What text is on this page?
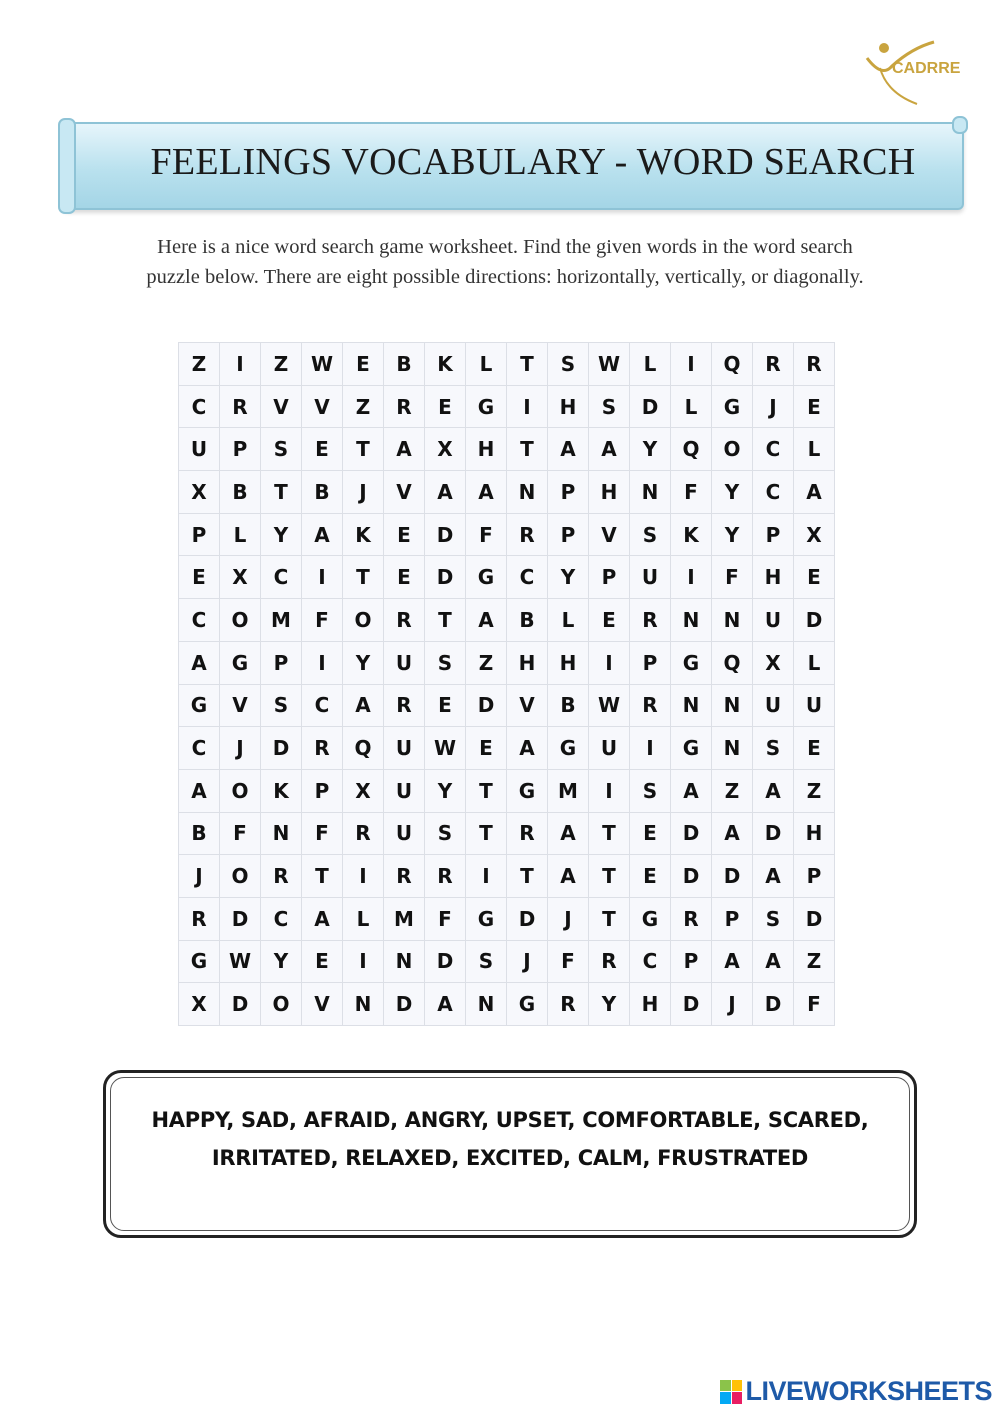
CADRRE
FEELINGS VOCABULARY - WORD SEARCH
Here is a nice word search game worksheet. Find the given words in the word search
puzzle below. There are eight possible directions: horizontally, vertically, or diagonally.
Z	I	Z	W	E	B	K	L	T	S	W	L	I	Q	R	R
C	R	V	V	Z	R	E	G	I	H	S	D	L	G	J	E
U	P	S	E	T	A	X	H	T	A	A	Y	Q	O	C	L
X	B	T	B	J	V	A	A	N	P	H	N	F	Y	C	A
P	L	Y	A	K	E	D	F	R	P	V	S	K	Y	P	X
E	X	C	I	T	E	D	G	C	Y	P	U	I	F	H	E
C	O	M	F	O	R	T	A	B	L	E	R	N	N	U	D
A	G	P	I	Y	U	S	Z	H	H	I	P	G	Q	X	L
G	V	S	C	A	R	E	D	V	B	W	R	N	N	U	U
C	J	D	R	Q	U	W	E	A	G	U	I	G	N	S	E
A	O	K	P	X	U	Y	T	G	M	I	S	A	Z	A	Z
B	F	N	F	R	U	S	T	R	A	T	E	D	A	D	H
J	O	R	T	I	R	R	I	T	A	T	E	D	D	A	P
R	D	C	A	L	M	F	G	D	J	T	G	R	P	S	D
G	W	Y	E	I	N	D	S	J	F	R	C	P	A	A	Z
X	D	O	V	N	D	A	N	G	R	Y	H	D	J	D	F
HAPPY, SAD, AFRAID, ANGRY, UPSET, COMFORTABLE, SCARED,
IRRITATED, RELAXED, EXCITED, CALM, FRUSTRATED
LIVEWORKSHEETS
